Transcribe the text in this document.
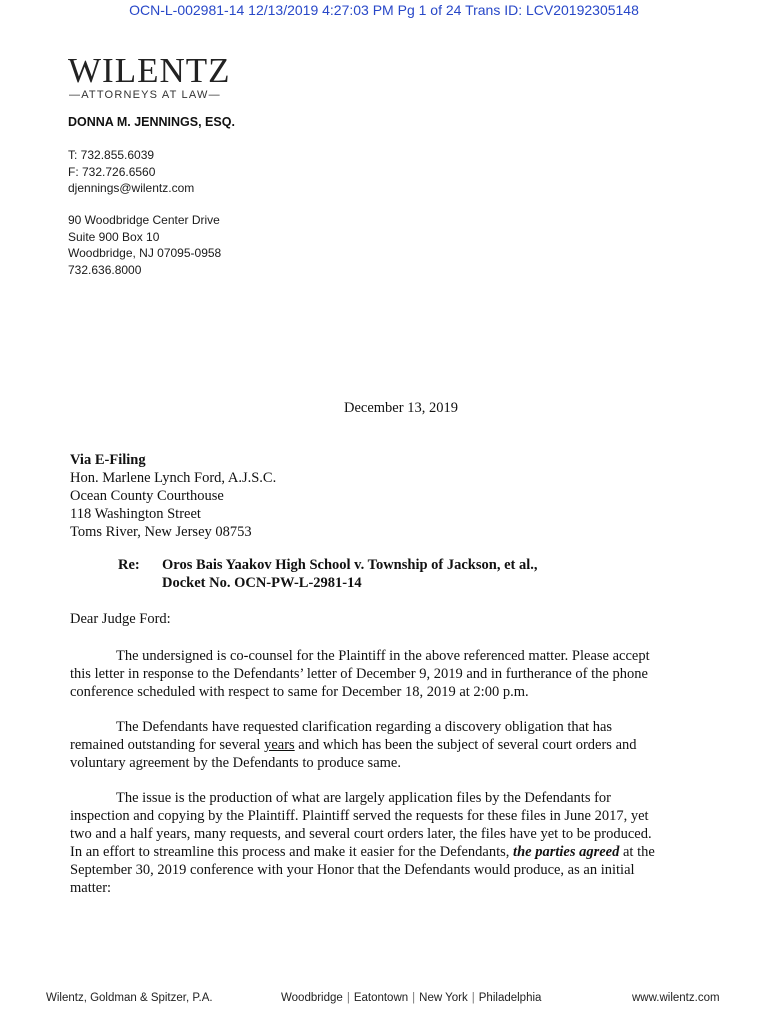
OCN-L-002981-14 12/13/2019 4:27:03 PM Pg 1 of 24 Trans ID: LCV20192305148
WILENTZ
—ATTORNEYS AT LAW—
DONNA M. JENNINGS, ESQ.
T: 732.855.6039
F: 732.726.6560
djennings@wilentz.com
90 Woodbridge Center Drive
Suite 900 Box 10
Woodbridge, NJ 07095-0958
732.636.8000
December 13, 2019
Via E-Filing
Hon. Marlene Lynch Ford, A.J.S.C.
Ocean County Courthouse
118 Washington Street
Toms River, New Jersey 08753
Re: Oros Bais Yaakov High School v. Township of Jackson, et al.,
Docket No. OCN-PW-L-2981-14
Dear Judge Ford:
The undersigned is co-counsel for the Plaintiff in the above referenced matter. Please accept
this letter in response to the Defendants’ letter of December 9, 2019 and in furtherance of the phone
conference scheduled with respect to same for December 18, 2019 at 2:00 p.m.
The Defendants have requested clarification regarding a discovery obligation that has
remained outstanding for several years and which has been the subject of several court orders and
voluntary agreement by the Defendants to produce same.
The issue is the production of what are largely application files by the Defendants for
inspection and copying by the Plaintiff. Plaintiff served the requests for these files in June 2017, yet
two and a half years, many requests, and several court orders later, the files have yet to be produced.
In an effort to streamline this process and make it easier for the Defendants, the parties agreed at the
September 30, 2019 conference with your Honor that the Defendants would produce, as an initial
matter:
Wilentz, Goldman & Spitzer, P.A.	Woodbridge | Eatontown | New York | Philadelphia	www.wilentz.com
